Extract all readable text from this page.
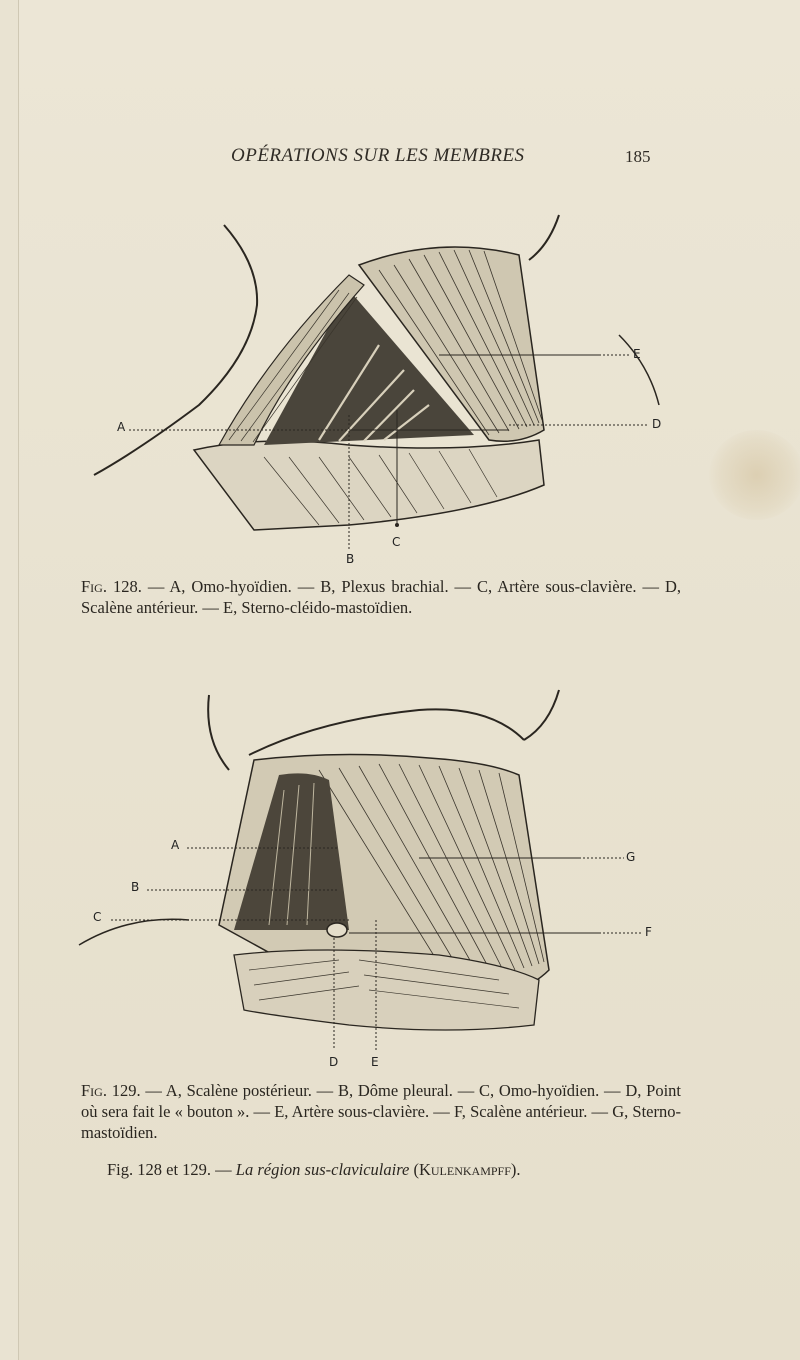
OPÉRATIONS SUR LES MEMBRES	185
A
B
C
D
E
Fig. 128. — A, Omo-hyoïdien. — B, Plexus brachial. — C, Artère sous-clavière. — D, Scalène antérieur. — E, Sterno-cléido-mastoïdien.
A
B
C
D	E
F
G
Fig. 129. — A, Scalène postérieur. — B, Dôme pleural. — C, Omo-hyoïdien. — D, Point où sera fait le « bouton ». — E, Artère sous-clavière. — F, Scalène antérieur. — G, Sterno-mastoïdien.
Fig. 128 et 129. — La région sus-claviculaire (Kulenkampff).
